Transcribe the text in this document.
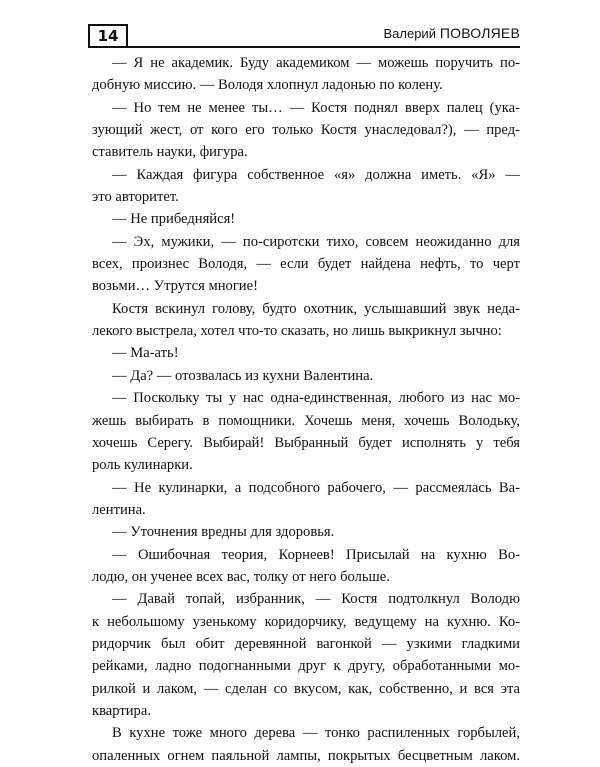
14	Валерий ПОВОЛЯЕВ
— Я не академик. Буду академиком — можешь поручить по-
добную миссию. — Володя хлопнул ладонью по колену.
— Но тем не менее ты… — Костя поднял вверх палец (ука-
зующий жест, от кого его только Костя унаследовал?), — пред-
ставитель науки, фигура.
— Каждая фигура собственное «я» должна иметь. «Я» —
это авторитет.
— Не прибедняйся!
— Эх, мужики, — по-сиротски тихо, совсем неожиданно для
всех, произнес Володя, — если будет найдена нефть, то черт
возьми… Утрутся многие!
Костя вскинул голову, будто охотник, услышавший звук неда-
лекого выстрела, хотел что-то сказать, но лишь выкрикнул зычно:
— Ма-ать!
— Да? — отозвалась из кухни Валентина.
— Поскольку ты у нас одна-единственная, любого из нас мо-
жешь выбирать в помощники. Хочешь меня, хочешь Володьку,
хочешь Серегу. Выбирай! Выбранный будет исполнять у тебя
роль кулинарки.
— Не кулинарки, а подсобного рабочего, — рассмеялась Ва-
лентина.
— Уточнения вредны для здоровья.
— Ошибочная теория, Корнеев! Присылай на кухню Во-
лодю, он ученее всех вас, толку от него больше.
— Давай топай, избранник, — Костя подтолкнул Володю
к небольшому узенькому коридорчику, ведущему на кухню. Ко-
ридорчик был обит деревянной вагонкой — узкими гладкими
рейками, ладно подогнанными друг к другу, обработанными мо-
рилкой и лаком, — сделан со вкусом, как, собственно, и вся эта
квартира.
В кухне тоже много дерева — тонко распиленных горбылей,
опаленных огнем паяльной лампы, покрытых бесцветным лаком.
